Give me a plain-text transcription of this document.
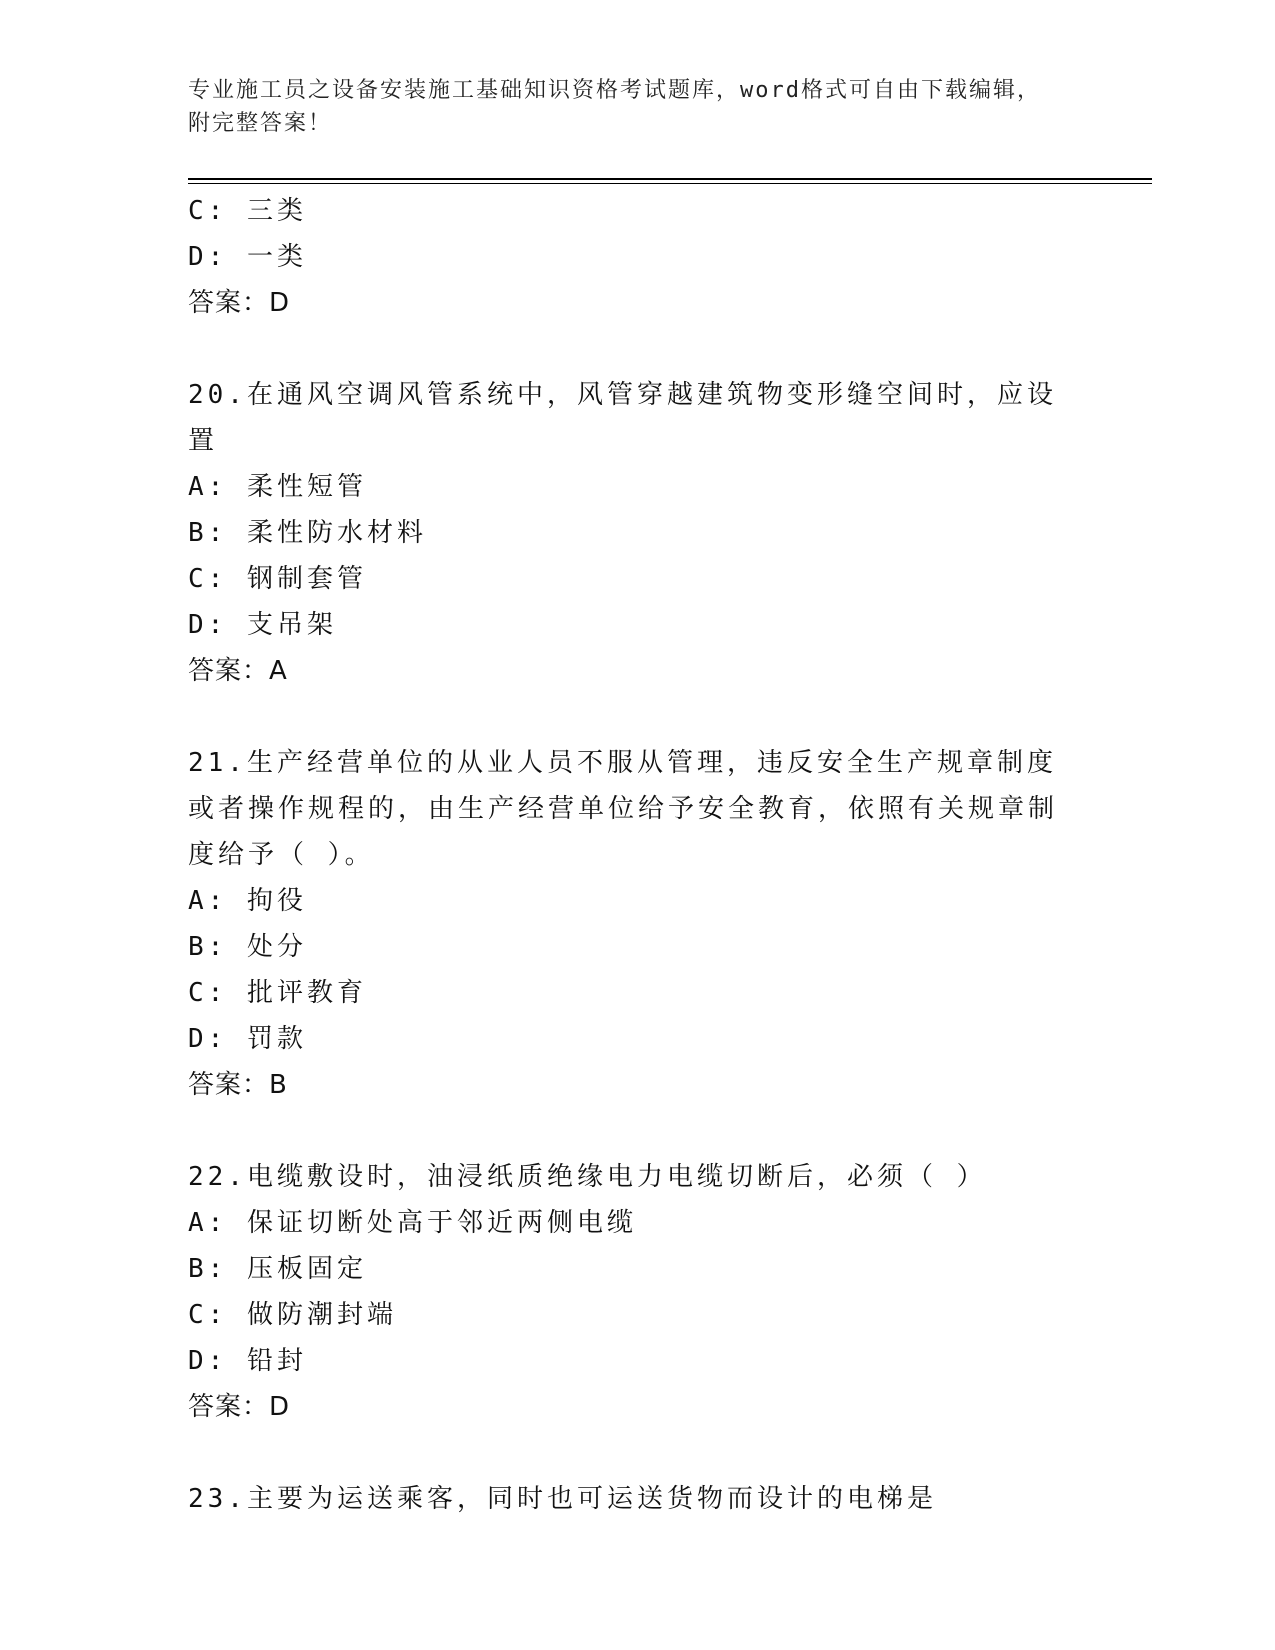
专业施工员之设备安装施工基础知识资格考试题库，word格式可自由下载编辑，
附完整答案！
C: 三类
D: 一类
答案：D
20.在通风空调风管系统中，风管穿越建筑物变形缝空间时，应设置
A: 柔性短管
B: 柔性防水材料
C: 钢制套管
D: 支吊架
答案：A
21.生产经营单位的从业人员不服从管理，违反安全生产规章制度或者操作规程的，由生产经营单位给予安全教育，依照有关规章制度给予（ ）。
A: 拘役
B: 处分
C: 批评教育
D: 罚款
答案：B
22.电缆敷设时，油浸纸质绝缘电力电缆切断后，必须（ ）
A: 保证切断处高于邻近两侧电缆
B: 压板固定
C: 做防潮封端
D: 铅封
答案：D
23.主要为运送乘客，同时也可运送货物而设计的电梯是
